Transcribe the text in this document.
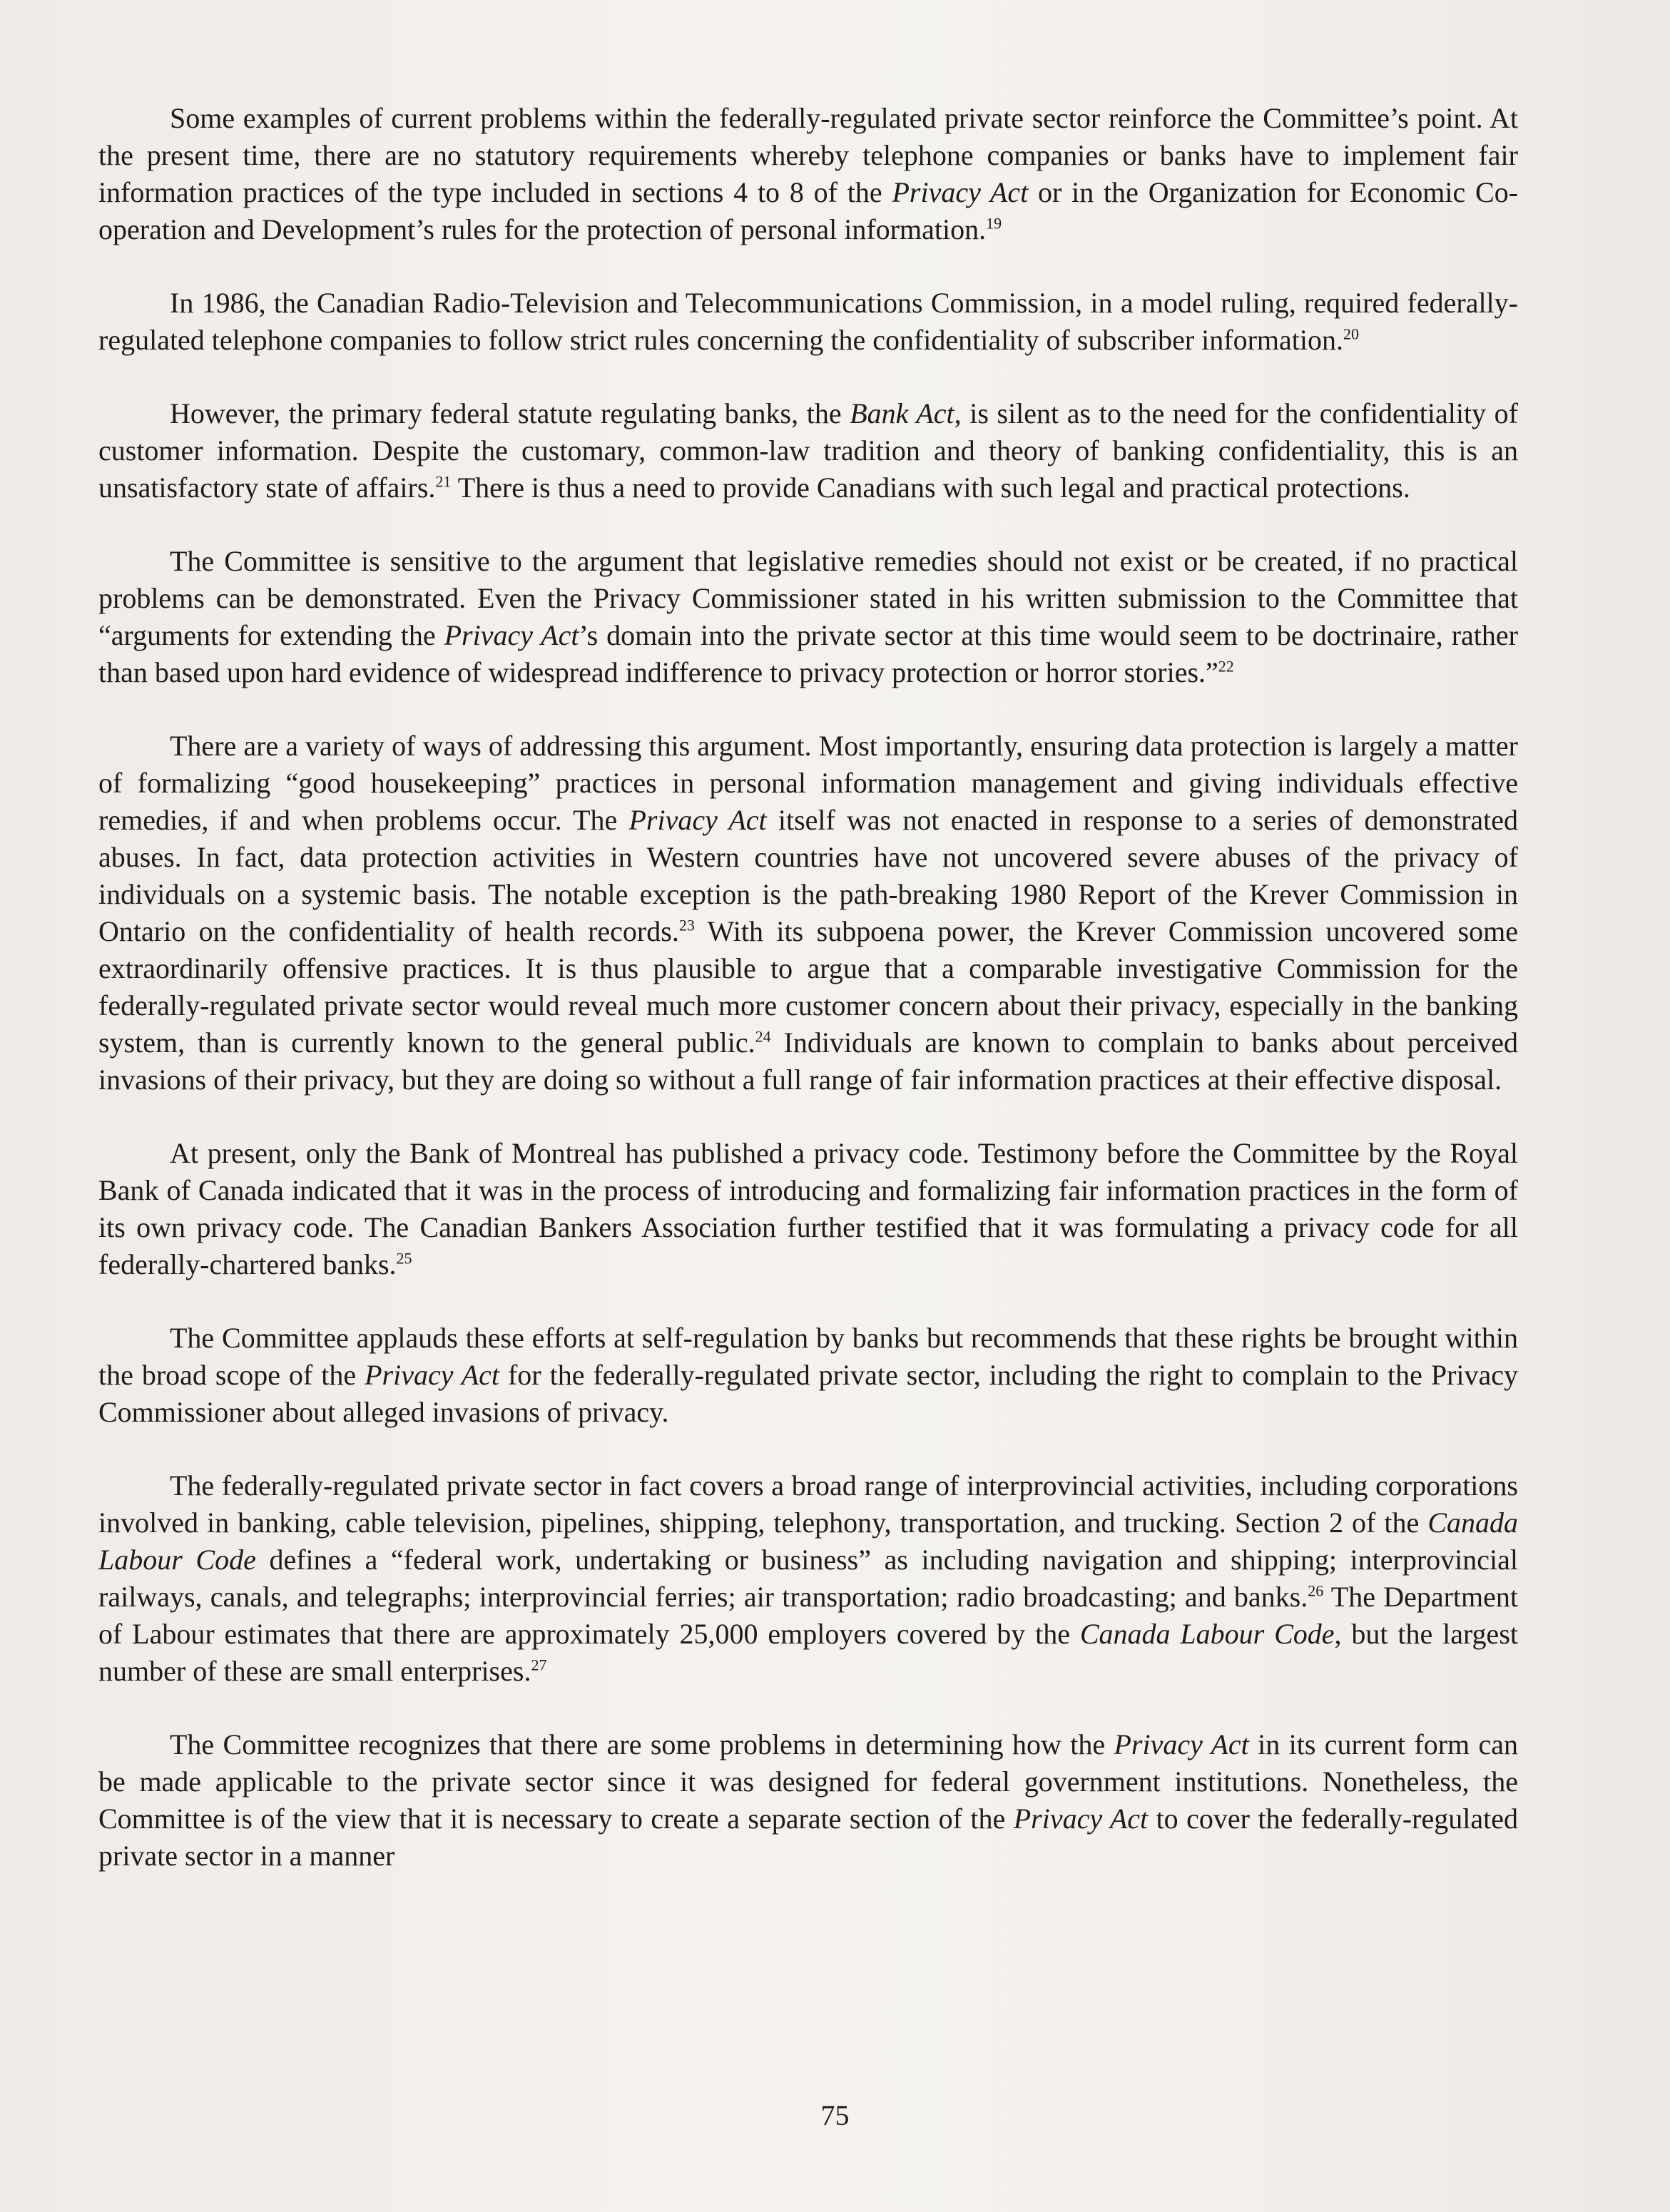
Some examples of current problems within the federally-regulated private sector reinforce the Committee’s point. At the present time, there are no statutory requirements whereby telephone companies or banks have to implement fair information practices of the type included in sections 4 to 8 of the Privacy Act or in the Organization for Economic Co-operation and Development’s rules for the protection of personal information.$^{19}$

In 1986, the Canadian Radio-Television and Telecommunications Commission, in a model ruling, required federally-regulated telephone companies to follow strict rules concerning the confidentiality of subscriber information.$^{20}$

However, the primary federal statute regulating banks, the Bank Act, is silent as to the need for the confidentiality of customer information. Despite the customary, common-law tradition and theory of banking confidentiality, this is an unsatisfactory state of affairs.$^{21}$ There is thus a need to provide Canadians with such legal and practical protections.

The Committee is sensitive to the argument that legislative remedies should not exist or be created, if no practical problems can be demonstrated. Even the Privacy Commissioner stated in his written submission to the Committee that “arguments for extending the Privacy Act’s domain into the private sector at this time would seem to be doctrinaire, rather than based upon hard evidence of widespread indifference to privacy protection or horror stories.”$^{22}$

There are a variety of ways of addressing this argument. Most importantly, ensuring data protection is largely a matter of formalizing “good housekeeping” practices in personal information management and giving individuals effective remedies, if and when problems occur. The Privacy Act itself was not enacted in response to a series of demonstrated abuses. In fact, data protection activities in Western countries have not uncovered severe abuses of the privacy of individuals on a systemic basis. The notable exception is the path-breaking 1980 Report of the Krever Commission in Ontario on the confidentiality of health records.$^{23}$ With its subpoena power, the Krever Commission uncovered some extraordinarily offensive practices. It is thus plausible to argue that a comparable investigative Commission for the federally-regulated private sector would reveal much more customer concern about their privacy, especially in the banking system, than is currently known to the general public.$^{24}$ Individuals are known to complain to banks about perceived invasions of their privacy, but they are doing so without a full range of fair information practices at their effective disposal.

At present, only the Bank of Montreal has published a privacy code. Testimony before the Committee by the Royal Bank of Canada indicated that it was in the process of introducing and formalizing fair information practices in the form of its own privacy code. The Canadian Bankers Association further testified that it was formulating a privacy code for all federally-chartered banks.$^{25}$

The Committee applauds these efforts at self-regulation by banks but recommends that these rights be brought within the broad scope of the Privacy Act for the federally-regulated private sector, including the right to complain to the Privacy Commissioner about alleged invasions of privacy.

The federally-regulated private sector in fact covers a broad range of interprovincial activities, including corporations involved in banking, cable television, pipelines, shipping, telephony, transportation, and trucking. Section 2 of the Canada Labour Code defines a “federal work, undertaking or business” as including navigation and shipping; interprovincial railways, canals, and telegraphs; interprovincial ferries; air transportation; radio broadcasting; and banks.$^{26}$ The Department of Labour estimates that there are approximately 25,000 employers covered by the Canada Labour Code, but the largest number of these are small enterprises.$^{27}$

The Committee recognizes that there are some problems in determining how the Privacy Act in its current form can be made applicable to the private sector since it was designed for federal government institutions. Nonetheless, the Committee is of the view that it is necessary to create a separate section of the Privacy Act to cover the federally-regulated private sector in a manner

75
